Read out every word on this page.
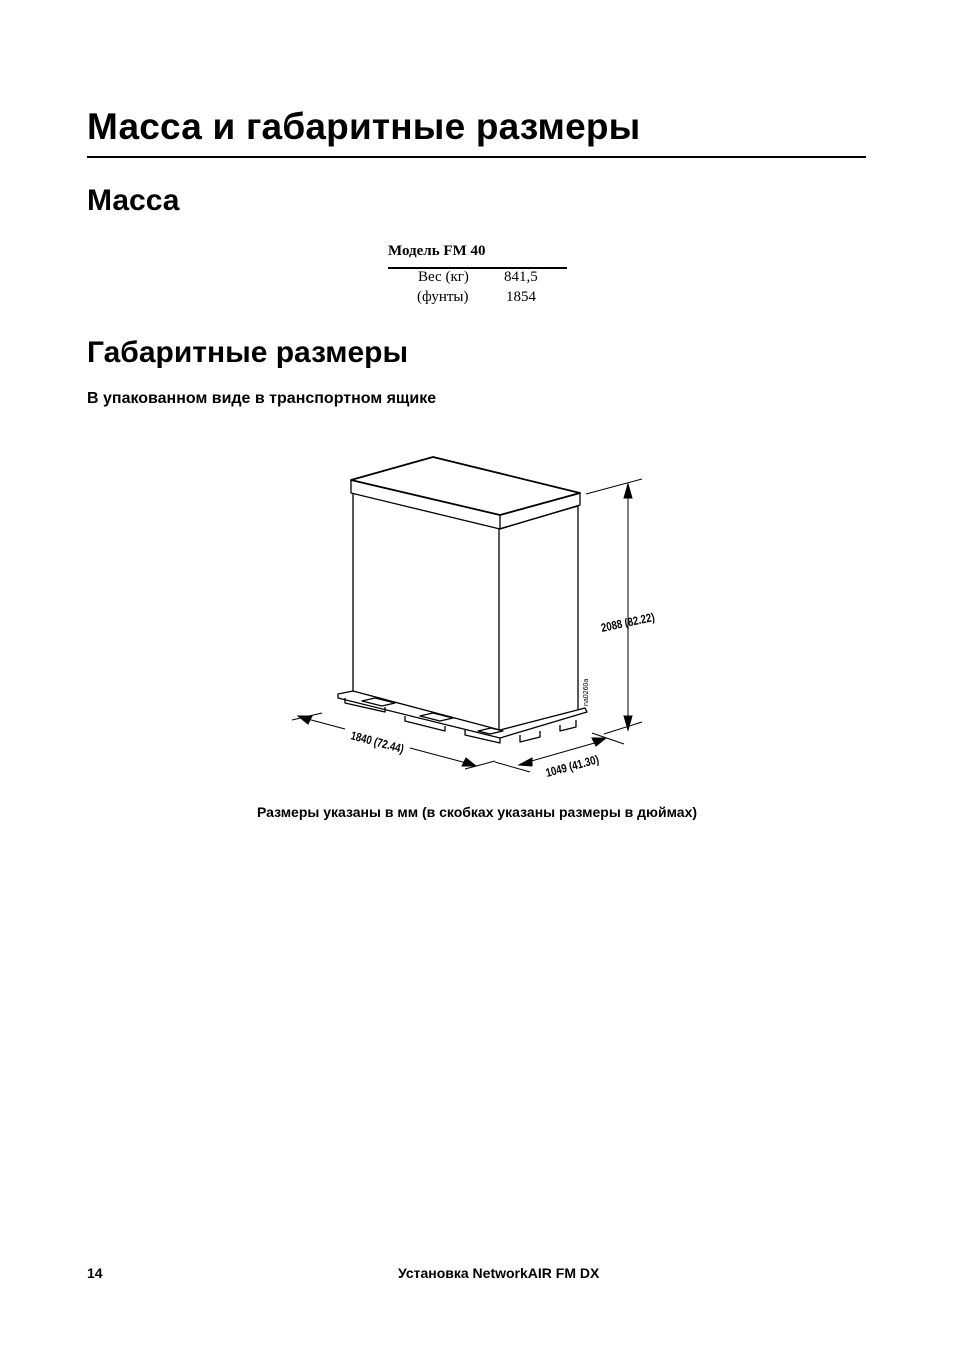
Масса и габаритные размеры
Масса
Модель FM 40
Вес (кг) 841,5
(фунты)	1854
Габаритные размеры
В упакованном виде в транспортном ящике
2088 (82.22)
1840 (72.44)
1049 (41.30)
na0260a
Размеры указаны в мм (в скобках указаны размеры в дюймах)
14	Установка NetworkAIR FM DX
